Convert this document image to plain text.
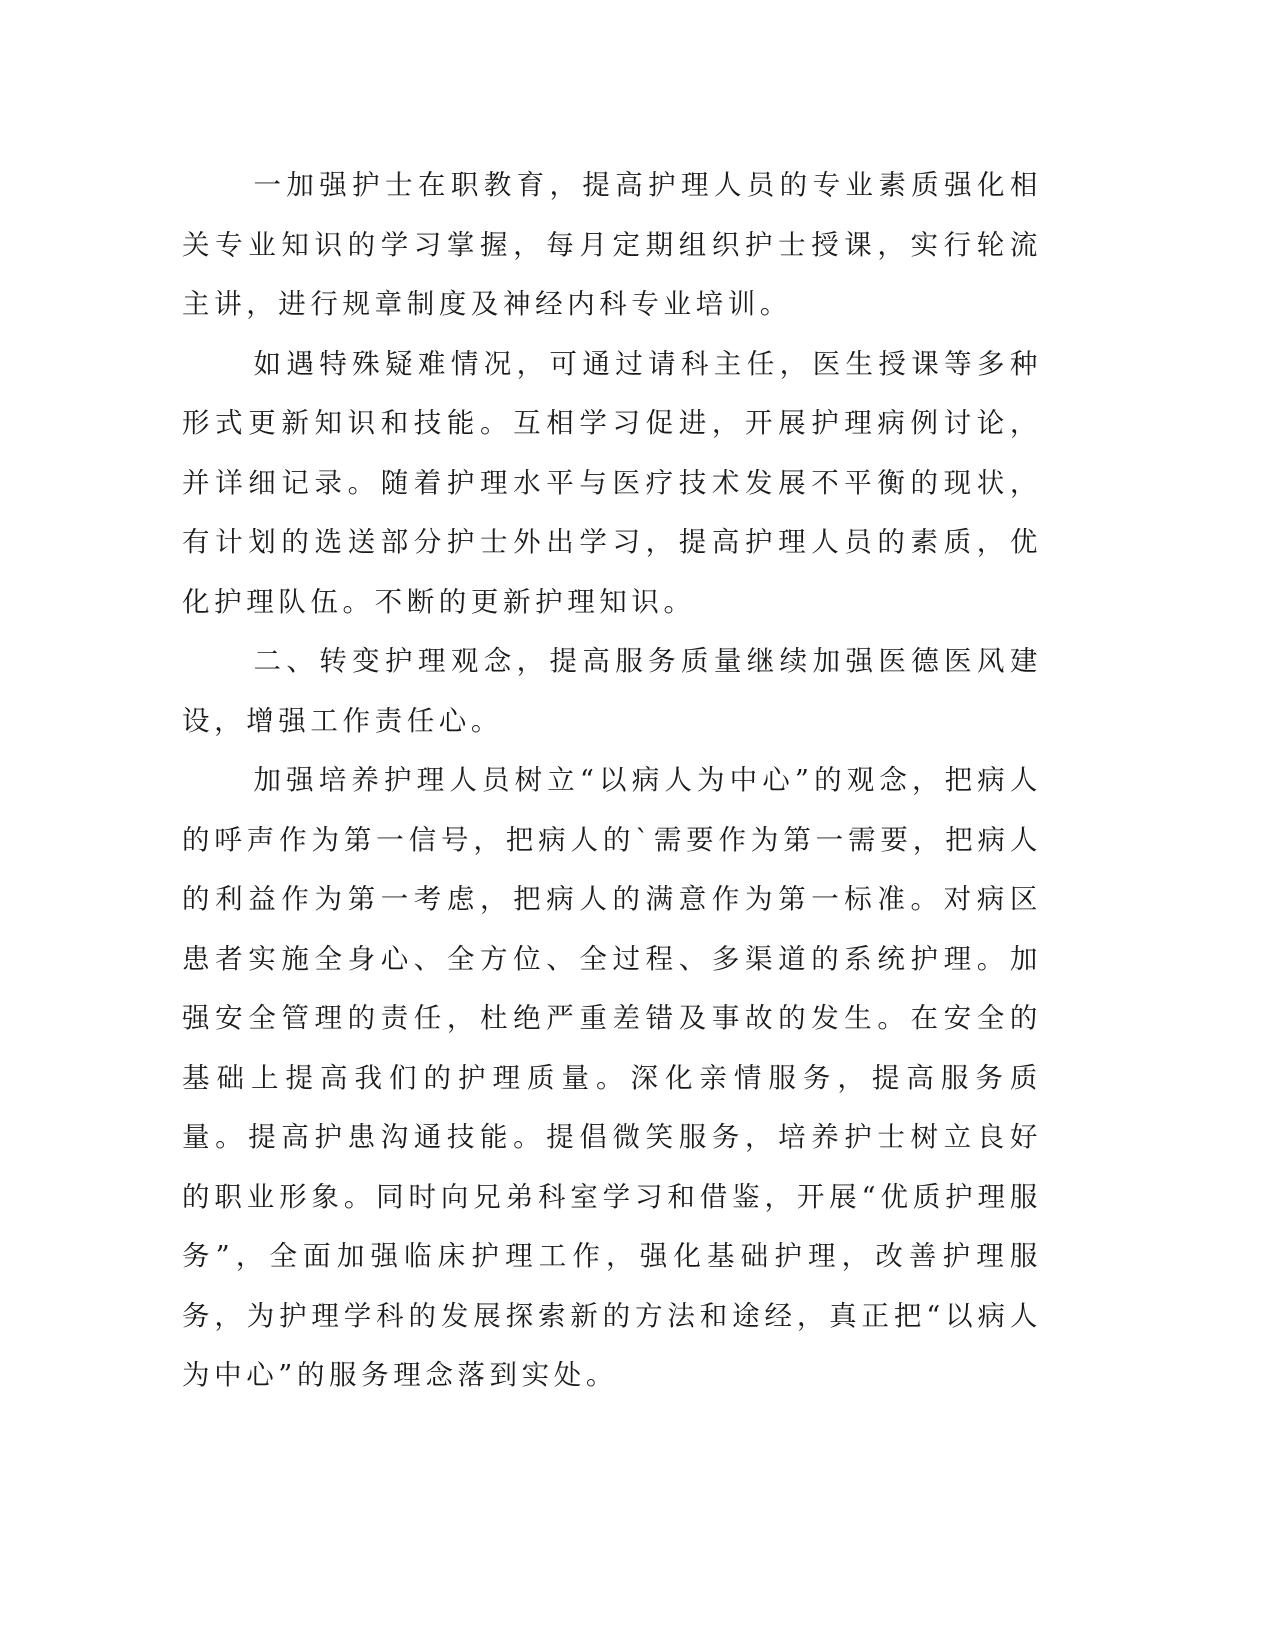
一加强护士在职教育，提高护理人员的专业素质强化相关专业知识的学习掌握，每月定期组织护士授课，实行轮流主讲，进行规章制度及神经内科专业培训。

如遇特殊疑难情况，可通过请科主任，医生授课等多种形式更新知识和技能。互相学习促进，开展护理病例讨论，并详细记录。随着护理水平与医疗技术发展不平衡的现状，有计划的选送部分护士外出学习，提高护理人员的素质，优化护理队伍。不断的更新护理知识。

二、转变护理观念，提高服务质量继续加强医德医风建设，增强工作责任心。

加强培养护理人员树立“以病人为中心”的观念，把病人的呼声作为第一信号，把病人的`需要作为第一需要，把病人的利益作为第一考虑，把病人的满意作为第一标准。对病区患者实施全身心、全方位、全过程、多渠道的系统护理。加强安全管理的责任，杜绝严重差错及事故的发生。在安全的基础上提高我们的护理质量。深化亲情服务，提高服务质量。提高护患沟通技能。提倡微笑服务，培养护士树立良好的职业形象。同时向兄弟科室学习和借鉴，开展“优质护理服务”，全面加强临床护理工作，强化基础护理，改善护理服务，为护理学科的发展探索新的方法和途经，真正把“以病人为中心”的服务理念落到实处。
